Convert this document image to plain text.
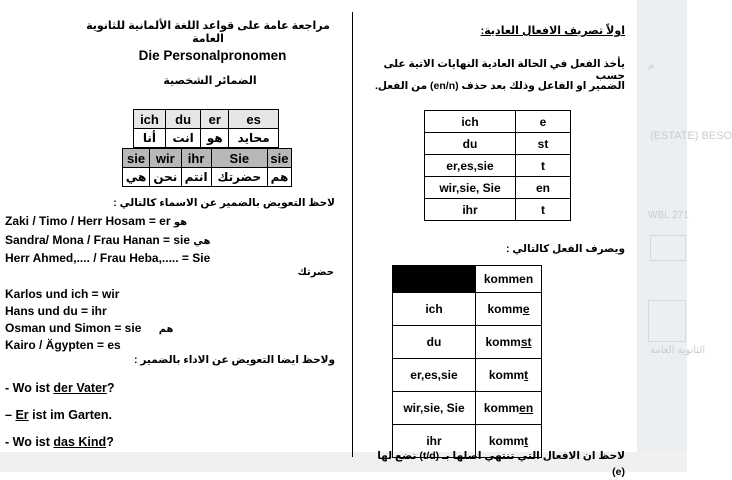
م
(ESTATE) BESO
WBL 271
الثانوية العامة
مراجعة عامة على قواعد اللغة الألمانية للثانوية العامة
Die Personalpronomen
الضمائر الشخصية
ich	du	er	es
أنا	انت	هو	محايد
sie	wir	ihr	Sie	sie
هي	نحن	انتم	حضرتك	هم
لاحظ التعويض بالضمير عن الاسماء كالتالي :
Zaki / Timo / Herr Hosam = er هو
Sandra/ Mona / Frau Hanan = sie هي
Herr Ahmed,.... / Frau Heba,..... = Sie
حضرتك
Karlos und ich = wir
Hans und du = ihr
Osman und Simon = sie هم
Kairo / Ägypten = es
ولاحظ ايضا التعويض عن الاداء بالضمير :
- Wo ist der Vater?
– Er ist im Garten.
- Wo ist das Kind?
اولاً تصريف الافعال العادية:
يأخذ الفعل في الحالة العادية النهايات الاتية على حسب
الضمير او الفاعل وذلك بعد حذف (en/n) من الفعل.
ich	e
du	st
er,es,sie	t
wir,sie, Sie	en
ihr	t
ويصرف الفعل كالتالي :
	kommen
ich	komme
du	kommst
er,es,sie	kommt
wir,sie, Sie	kommen
ihr	kommt
لاحظ ان الافعال التي تنتهي اصلها بـ (t/d) نضع لها (e)
